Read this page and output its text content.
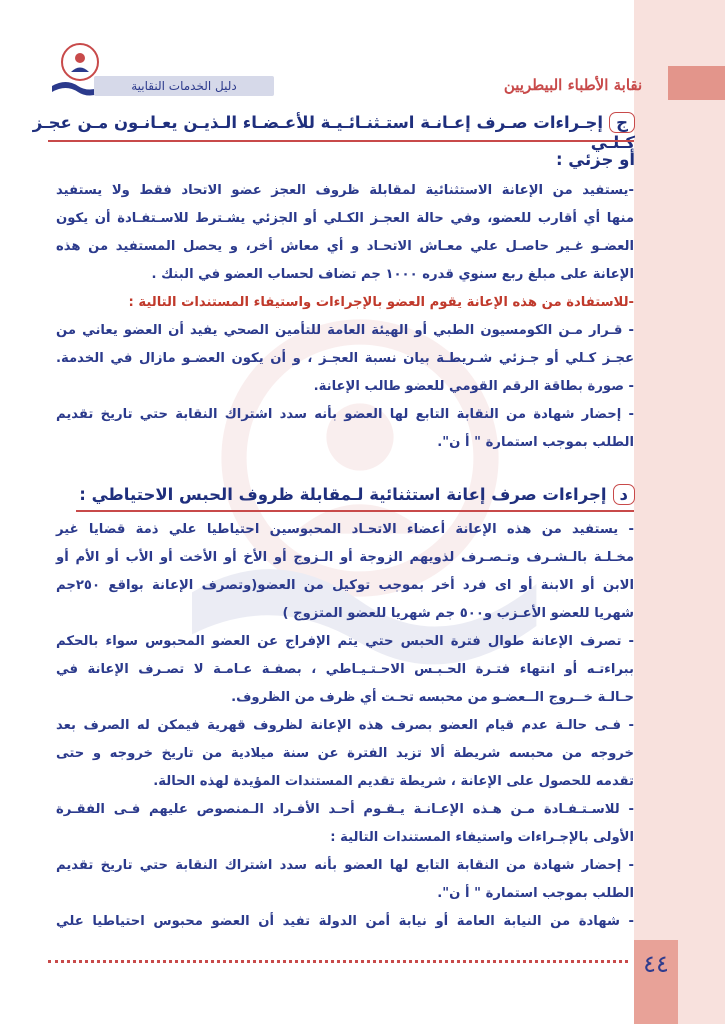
دليل الخدمات النقابية	نقابة الأطباء البيطريين
جإجـراءات صـرف إعـانـة استـثنـائـيـة للأعـضـاء الـذيـن يعـانـون مـن عجـز كـلـي
أو جزئي :
-يستفيد من الإعانة الاستثنائية لمقابلة ظروف العجز عضو الاتحاد فقط ولا يستفيد
منها أي أقارب للعضو، وفي حالة العجـز الكـلي أو الجزئي يشـترط للاسـتفـادة أن يكون
العضـو غـير حاصـل علي معـاش الاتحـاد و أي معاش أخر، و يحصل المستفيد من هذه
الإعانة على مبلغ ربع سنوي قدره ١٠٠٠ جم تضاف لحساب العضو في البنك .
-للاستفادة من هذه الإعانة يقوم العضو بالإجراءات واستيفاء المستندات التالية :
- قـرار مـن الكومسيون الطبي أو الهيئة العامة للتأمين الصحي يفيد أن العضو يعاني من
عجـز كـلي أو جـزئي شـريطـة بيان نسبة العجـز ، و أن يكون العضـو مازال في الخدمة.
- صورة بطاقة الرقم القومي للعضو طالب الإعانة.
- إحضار شهادة من النقابة التابع لها العضو بأنه سدد اشتراك النقابة حتي تاريخ تقديم
الطلب بموجب استمارة " أ ن".
دإجراءات صرف إعانة استثنائية لـمقابلة ظروف الحبس الاحتياطي :
- يستفيد من هذه الإعانة أعضاء الاتحـاد المحبوسين احتياطيا علي ذمة قضايا غير
مخـلـة بالـشـرف وتـصـرف لذويهم الزوجة أو الـزوج أو الأخ أو الأخت أو الأب أو الأم أو
الابن أو الابنة أو اى فرد أخر بموجب توكيل من العضو(وتصرف الإعانة بواقع ٢٥٠جم
شهريا للعضو الأعـزب و٥٠٠ جم شهريا للعضو المتزوج )
- تصرف الإعانة طوال فترة الحبس حتي يتم الإفراج عن العضو المحبوس سواء بالحكم
ببراءتـه أو انتهاء فتـرة الحـبـس الاحـتـيـاطي ، بصفـة عـامـة لا تصـرف الإعانة في
حـالـة خــروج الــعضـو من محبسه تحـت أي ظرف من الظروف.
- فـى حالـة عدم قيام العضو بصرف هذه الإعانة لظروف قهرية فيمكن له الصرف بعد
خروجه من محبسه شريطة ألا تزيد الفترة عن سنة ميلادية من تاريخ خروجه و حتى
تقدمه للحصول على الإعانة ، شريطة تقديم المستندات المؤيدة لهذه الحالة.
- للاسـتـفـادة مـن هـذه الإعـانـة يـقـوم أحـد الأفـراد الـمنصوص عليهم فـى الفقـرة
الأولى بالإجـراءات واستيفاء المستندات التالية :
- إحضار شهادة من النقابة التابع لها العضو بأنه سدد اشتراك النقابة حتي تاريخ تقديم
الطلب بموجب استمارة " أ ن".
- شهادة من النيابة العامة أو نيابة أمن الدولة تفيد أن العضو محبوس احتياطيا علي
٤٤
